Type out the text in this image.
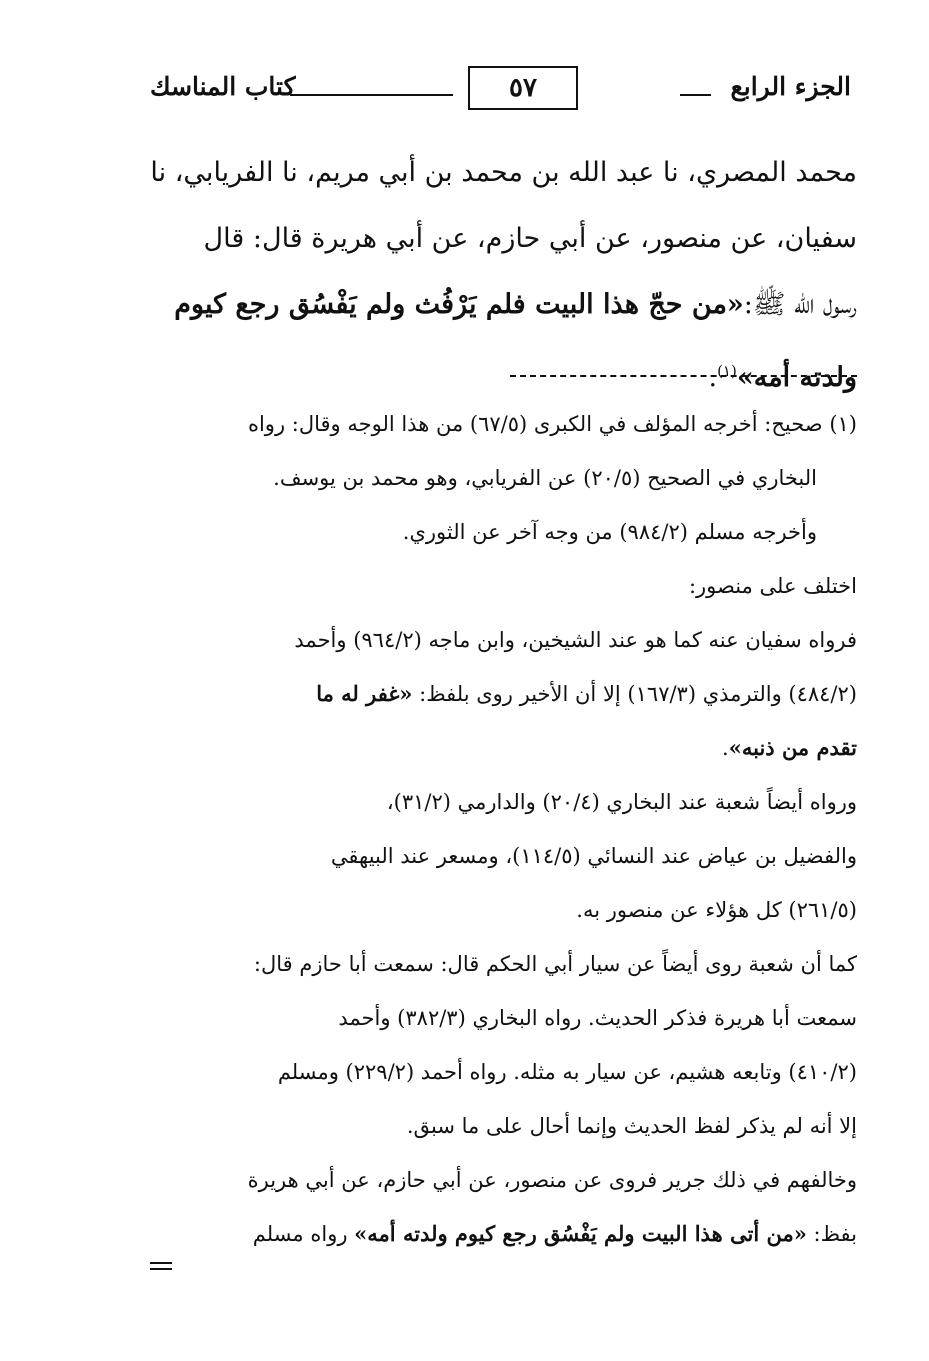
الجزء الرابع
٥٧
كتاب المناسك
محمد المصري، نا عبد الله بن محمد بن أبي مريم، نا الفريابي، نا
سفيان، عن منصور، عن أبي حازم، عن أبي هريرة قال: قال
رسول الله ﷺ:«من حجّ هذا البيت فلم يَرْفُث ولم يَفْسُق رجع كيوم
ولدته أمه»$^{(١)}$.
(١) صحيح: أخرجه المؤلف في الكبرى (٦٧/٥) من هذا الوجه وقال: رواه
البخاري في الصحيح (٢٠/٥) عن الفريابي، وهو محمد بن يوسف.
وأخرجه مسلم (٩٨٤/٢) من وجه آخر عن الثوري.
اختلف على منصور:
فرواه سفيان عنه كما هو عند الشيخين، وابن ماجه (٩٦٤/٢) وأحمد
(٤٨٤/٢) والترمذي (١٦٧/٣) إلا أن الأخير روى بلفظ: «غفر له ما
تقدم من ذنبه».
ورواه أيضاً شعبة عند البخاري (٢٠/٤) والدارمي (٣١/٢)،
والفضيل بن عياض عند النسائي (١١٤/٥)، ومسعر عند البيهقي
(٢٦١/٥) كل هؤلاء عن منصور به.
كما أن شعبة روى أيضاً عن سيار أبي الحكم قال: سمعت أبا حازم قال:
سمعت أبا هريرة فذكر الحديث. رواه البخاري (٣٨٢/٣) وأحمد
(٤١٠/٢) وتابعه هشيم، عن سيار به مثله. رواه أحمد (٢٢٩/٢) ومسلم
إلا أنه لم يذكر لفظ الحديث وإنما أحال على ما سبق.
وخالفهم في ذلك جرير فروى عن منصور، عن أبي حازم، عن أبي هريرة
بفظ: «من أتى هذا البيت ولم يَفْسُق رجع كيوم ولدته أمه» رواه مسلم
